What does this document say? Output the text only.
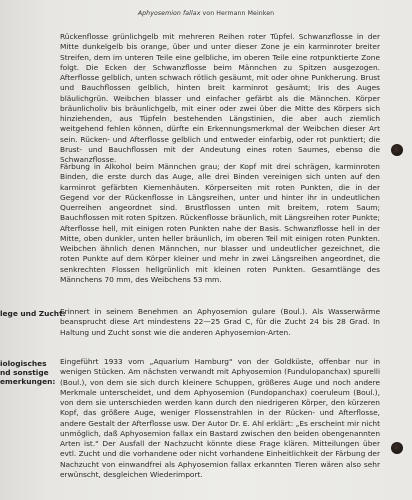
Aphyosemion fallax von Hermann Meinken

Rückenflosse grünlichgelb mit mehreren Reihen roter Tüpfel. Schwanzflosse in der Mitte dunkelgelb bis orange, über und unter dieser Zone je ein karminroter breiter Streifen, dem im unteren Teile eine gelbliche, im oberen Teile eine rotpunktierte Zone folgt. Die Ecken der Schwanzflosse beim Männchen zu Spitzen ausgezogen. Afterflosse gelblich, unten schwach rötlich gesäumt, mit oder ohne Punkherung. Brust und Bauchflossen gelblich, hinten breit karminrot gesäumt; Iris des Auges bläulichgrün. Weibchen blasser und einfacher gefärbt als die Männchen. Körper bräunlicholiv bis bräunlichgelb, mit einer oder zwei über die Mitte des Körpers sich hinziehenden, aus Tüpfeln bestehenden Längstinien, die aber auch ziemlich weitgehend fehlen können, dürfte ein Erkennungsmerkmal der Weibchen dieser Art sein. Rücken- und Afterflosse gelblich und entweder einfarbig, oder rot punktiert; die Brust- und Bauchflossen mit der Andeutung eines roten Saumes, ebenso die Schwanzflosse.

Färbung in Alkohol beim Männchen grau; der Kopf mit drei schrägen, karminroten Binden, die erste durch das Auge, alle drei Binden vereinigen sich unten auf den karminrot gefärbten Kiemenhäuten. Körperseiten mit roten Punkten, die in der Gegend vor der Rückenflosse in Längsreihen, unter und hinter ihr in undeutlichen Querreihen angeordnet sind. Brustflossen unten mit breitem, rotem Saum; Bauchflossen mit roten Spitzen. Rückenflosse bräunlich, mit Längsreihen roter Punkte; Afterflosse hell, mit einigen roten Punkten nahe der Basis. Schwanzflosse hell in der Mitte, oben dunkler, unten heller bräunlich, im oberen Teil mit einigen roten Punkten. Weibchen ähnlich denen Männchen, nur blasser und undeutlicher gezeichnet, die roten Punkte auf dem Körper kleiner und mehr in zwei Längsreihen angeordnet, die senkrechten Flossen hellgrünlich mit kleinen roten Punkten. Gesamtlänge des Männchens 70 mm, des Weibchens 53 mm.

lege und Zucht:

Erinnert in seinem Benehmen an Aphyosemion gulare (Boul.). Als Wasserwärme beansprucht diese Art mindestens 22—25 Grad C, für die Zucht 24 bis 28 Grad. In Haltung und Zucht sonst wie die anderen Aphyosemion-Arten.

iologisches
nd sonstige
emerkungen:

Eingeführt 1933 vom „Aquarium Hamburg" von der Goldküste, offenbar nur in wenigen Stücken. Am nächsten verwandt mit Aphyosemion (Fundulopanchax) spurelli (Boul.), von dem sie sich durch kleinere Schuppen, größeres Auge und noch andere Merkmale unterscheidet, und dem Aphyosemion (Fundopanchax) coeruleum (Boul.), von dem sie unterschieden werden kann durch den niedrigeren Körper, den kürzeren Kopf, das größere Auge, weniger Flossenstrahlen in der Rücken- und Afterflosse, andere Gestalt der Afterflosse usw. Der Autor Dr. E. Ahl erklärt: „Es erscheint mir nicht unmöglich, daß Aphyosemion fallax ein Bastard zwischen den beiden obengenannten Arten ist." Der Ausfall der Nachzucht könnte diese Frage klären. Mitteilungen über evtl. Zucht und die vorhandene oder nicht vorhandene Einheitlichkeit der Färbung der Nachzucht von einwandfrei als Aphyosemion fallax erkannten Tieren wären also sehr erwünscht, desgleichen Wiederimport.
